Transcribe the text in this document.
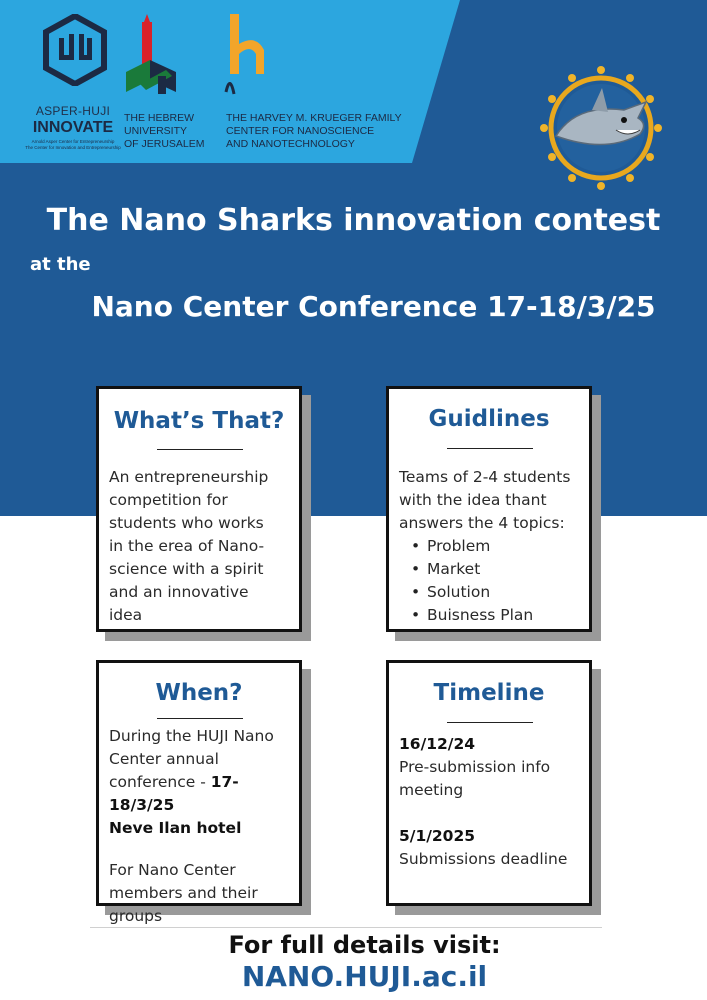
ASPER-HUJI
INNOVATE
Arnold Asper Center for Entrepreneurship
The Center for Innovation and Entrepreneurship
THE HEBREW
UNIVERSITY
OF JERUSALEM
THE HARVEY M. KRUEGER FAMILY
CENTER FOR NANOSCIENCE
AND NANOTECHNOLOGY
The Nano Sharks innovation contest
at the
Nano Center Conference 17-18/3/25
What’s That?
An entrepreneurship
competition for
students who works
in the erea of Nano-
science with a spirit
and an innovative
idea
Guidlines
Teams of 2-4 students
with the idea thant
answers the 4 topics:
• Problem
• Market
• Solution
• Buisness Plan
When?
During the HUJI Nano
Center annual
conference - 17-18/3/25
Neve Ilan hotel
For Nano Center
members and their
groups
Timeline
16/12/24
Pre-submission info
meeting
5/1/2025
Submissions deadline
For full details visit:
NANO.HUJI.ac.il
